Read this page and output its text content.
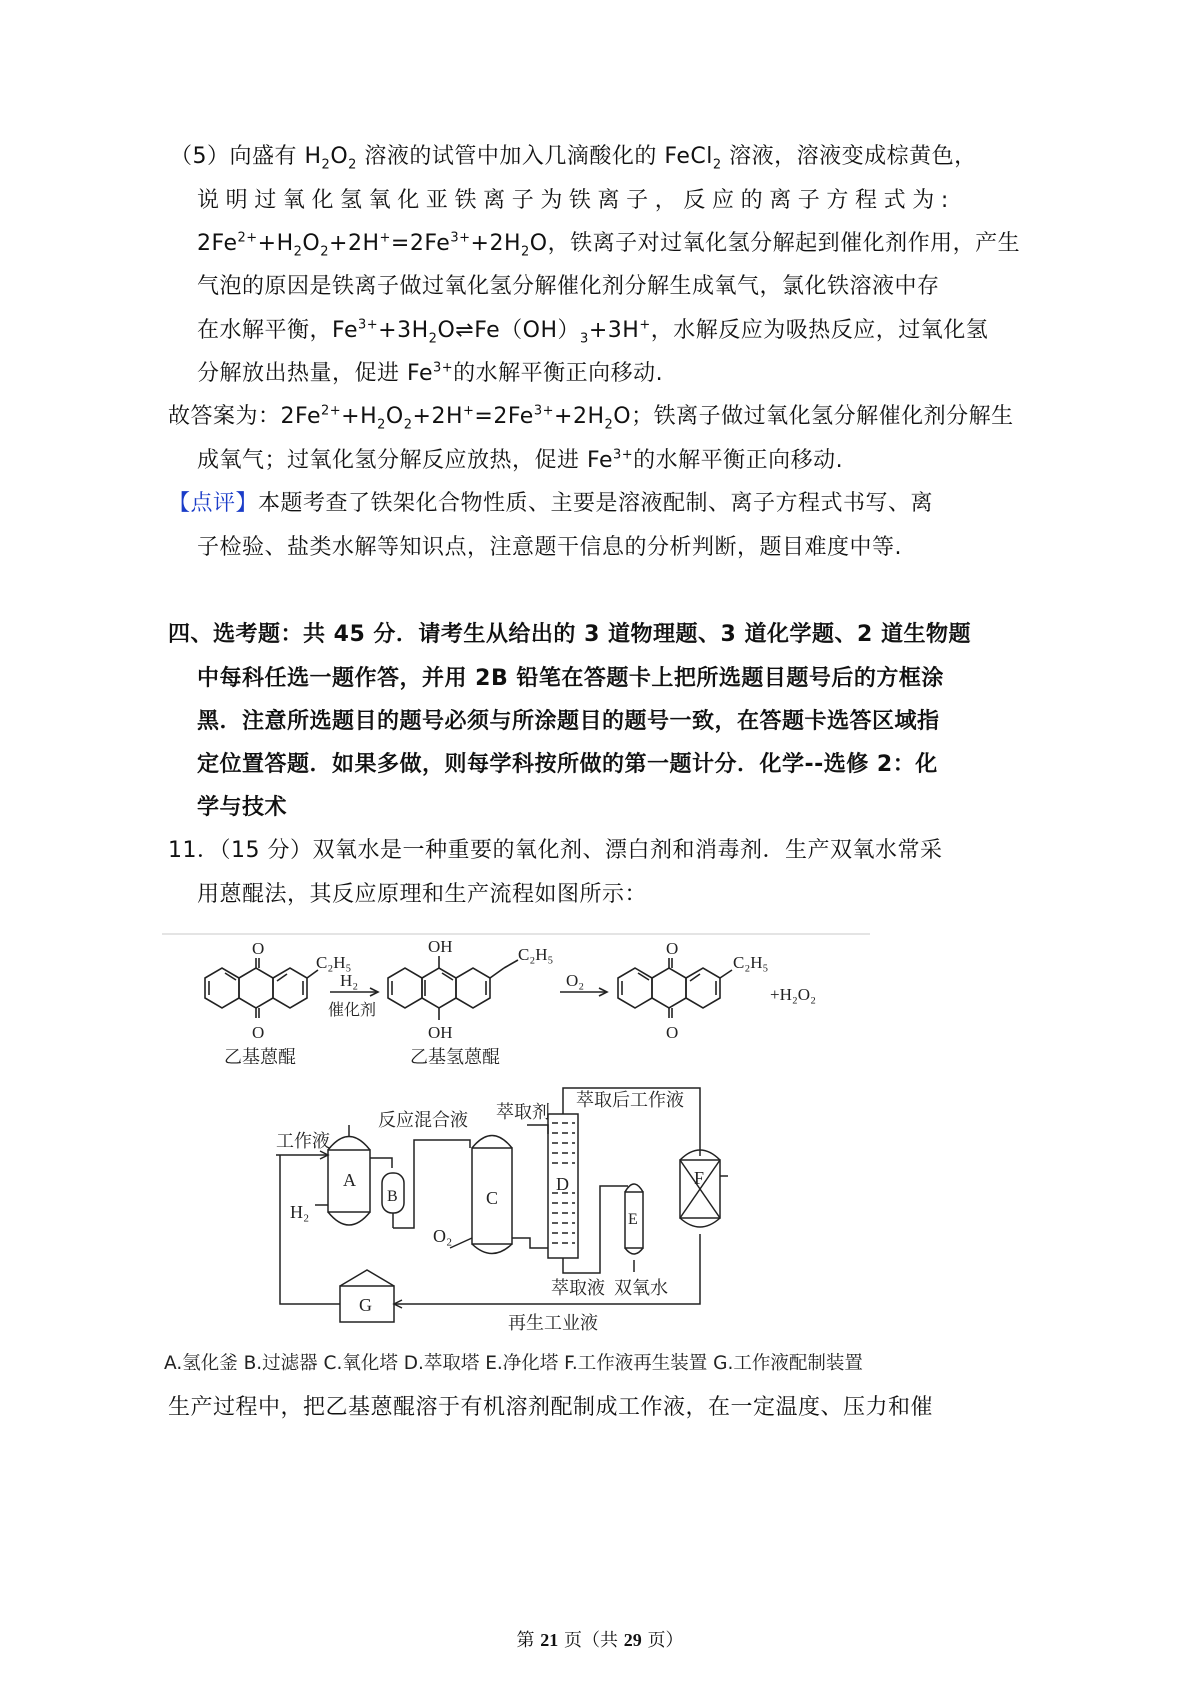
（5）向盛有 $H_2O_2$ 溶液的试管中加入几滴酸化的 FeCl$_2$ 溶液，溶液变成棕黄色，
说 明 过 氧 化 氢 氧 化 亚 铁 离 子 为 铁 离 子 ， 反 应 的 离 子 方 程 式 为 :
$2Fe^{2+}+H_2O_2+2H^+=2Fe^{3+}+2H_2O$，铁离子对过氧化氢分解起到催化剂作用，产生
气泡的原因是铁离子做过氧化氢分解催化剂分解生成氧气，氯化铁溶液中存
在水解平衡，$Fe^{3+}+3H_2O\rightleftharpoons Fe(OH)_3+3H^+$，水解反应为吸热反应，过氧化氢
分解放出热量，促进 $Fe^{3+}$的水解平衡正向移动.
故答案为：$2Fe^{2+}+H_2O_2+2H^+=2Fe^{3+}+2H_2O$；铁离子做过氧化氢分解催化剂分解生
成氧气；过氧化氢分解反应放热，促进 $Fe^{3+}$的水解平衡正向移动.
【点评】本题考查了铁架化合物性质、主要是溶液配制、离子方程式书写、离
子检验、盐类水解等知识点，注意题干信息的分析判断，题目难度中等.
四、选考题：共 45 分．请考生从给出的 3 道物理题、3 道化学题、2 道生物题
中每科任选一题作答，并用 2B 铅笔在答题卡上把所选题目题号后的方框涂
黑．注意所选题目的题号必须与所涂题目的题号一致，在答题卡选答区域指
定位置答题．如果多做，则每学科按所做的第一题计分．化学--选修 2：化
学与技术
11．（15 分）双氧水是一种重要的氧化剂、漂白剂和消毒剂．生产双氧水常采
用蒽醌法，其反应原理和生产流程如图所示：
O
O
C₂H₅
H₂
催化剂
OH
OH
C₂H₅
O₂
O
O
C₂H₅
+H₂O₂
乙基蒽醌	乙基氢蒽醌
工作液
H₂
反应混合液 萃取剂
萃取后工作液
O₂
萃取液 双氧水
再生工业液
A
B	C
D
E
F
G
A.氢化釜 B.过滤器 C.氧化塔 D.萃取塔 E.净化塔 F.工作液再生装置 G.工作液配制装置
生产过程中，把乙基蒽醌溶于有机溶剂配制成工作液，在一定温度、压力和催
第 21 页（共 29 页）
